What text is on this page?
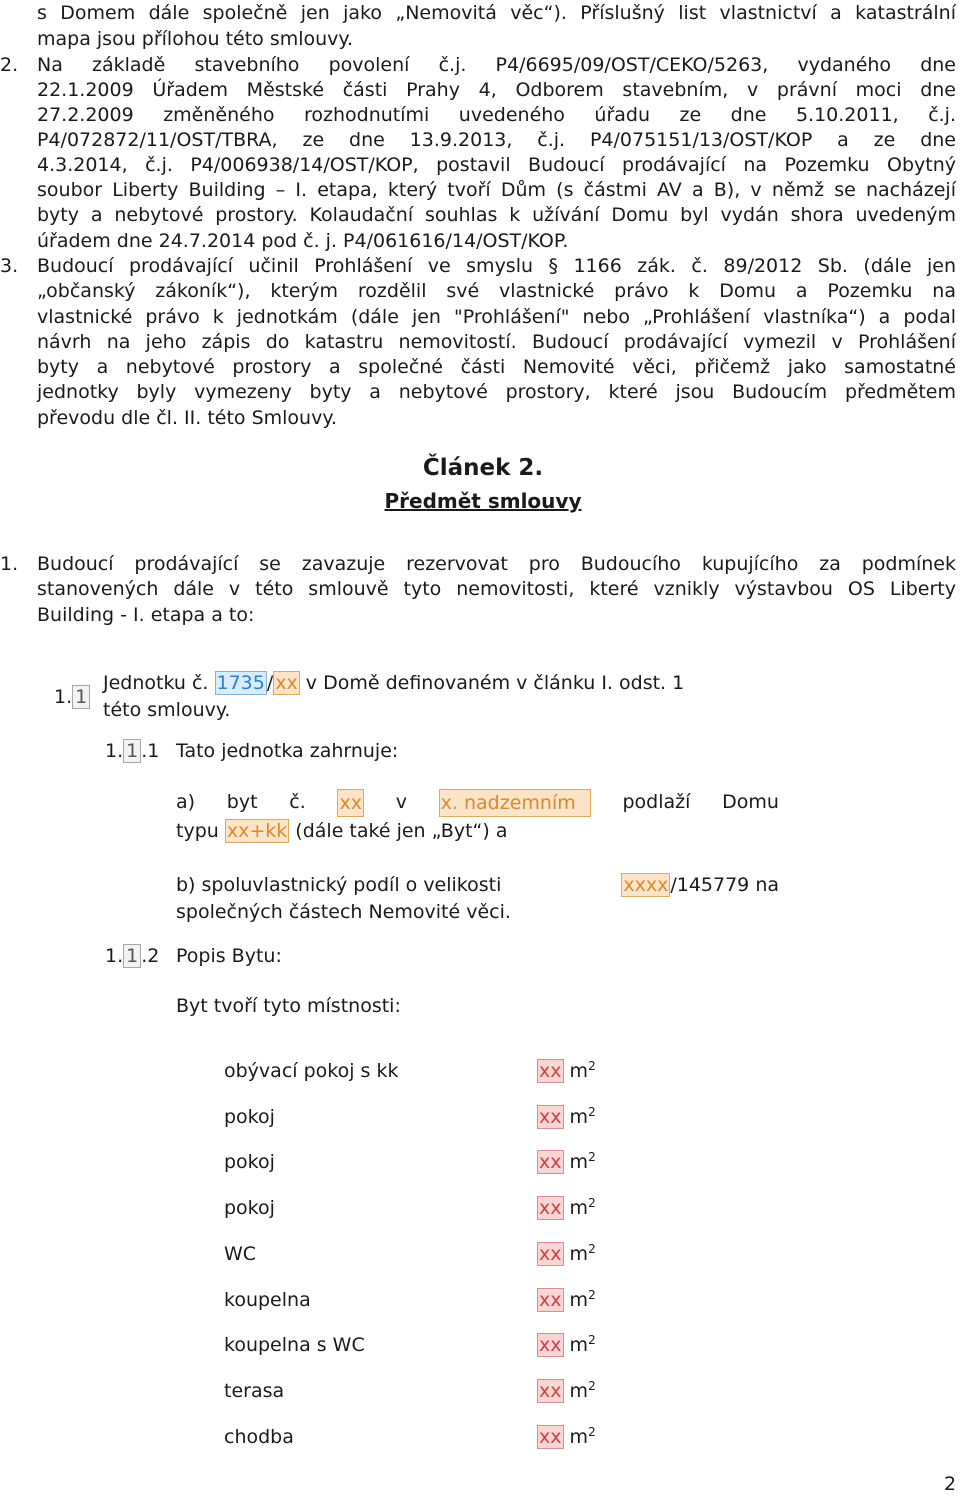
s Domem dále společně jen jako „Nemovitá věc“). Příslušný list vlastnictví a katastrální
mapa jsou přílohou této smlouvy.
2. Na základě stavebního povolení č.j. P4/6695/09/OST/CEKO/5263, vydaného dne
22.1.2009 Úřadem Městské části Prahy 4, Odborem stavebním, v právní moci dne
27.2.2009 změněného rozhodnutími uvedeného úřadu ze dne 5.10.2011, č.j.
P4/072872/11/OST/TBRA, ze dne 13.9.2013, č.j. P4/075151/13/OST/KOP a ze dne
4.3.2014, č.j. P4/006938/14/OST/KOP, postavil Budoucí prodávající na Pozemku Obytný
soubor Liberty Building – I. etapa, který tvoří Dům (s částmi AV a B), v němž se nacházejí
byty a nebytové prostory. Kolaudační souhlas k užívání Domu byl vydán shora uvedeným
úřadem dne 24.7.2014 pod č. j. P4/061616/14/OST/KOP.
3. Budoucí prodávající učinil Prohlášení ve smyslu § 1166 zák. č. 89/2012 Sb. (dále jen
„občanský zákoník“), kterým rozdělil své vlastnické právo k Domu a Pozemku na
vlastnické právo k jednotkám (dále jen "Prohlášení" nebo „Prohlášení vlastníka“) a podal
návrh na jeho zápis do katastru nemovitostí. Budoucí prodávající vymezil v Prohlášení
byty a nebytové prostory a společné části Nemovité věci, přičemž jako samostatné
jednotky byly vymezeny byty a nebytové prostory, které jsou Budoucím předmětem
převodu dle čl. II. této Smlouvy.
Článek 2.
Předmět smlouvy
1. Budoucí prodávající se zavazuje rezervovat pro Budoucího kupujícího za podmínek
stanovených dále v této smlouvě tyto nemovitosti, které vznikly výstavbou OS Liberty
Building - I. etapa a to:
1. 1
Jednotku č. 1735 / xx v Domě definovaném v článku I. odst. 1
této smlouvy.
1. 1 .1 Tato jednotka zahrnuje:
a) byt č. xx v x. nadzemním	podlaží Domu
typu xx+kk (dále také jen „Byt“) a
b) spoluvlastnický podíl o velikosti	xxxx /145779 na
společných částech Nemovité věci.
1. 1 .2 Popis Bytu:
Byt tvoří tyto místnosti:
obývací pokoj s kk	xx $m^2$
pokoj	xx $m^2$
pokoj	xx $m^2$
pokoj	xx $m^2$
WC	xx $m^2$
koupelna	xx $m^2$
koupelna s WC	xx $m^2$
terasa	xx $m^2$
chodba	xx $m^2$
2
